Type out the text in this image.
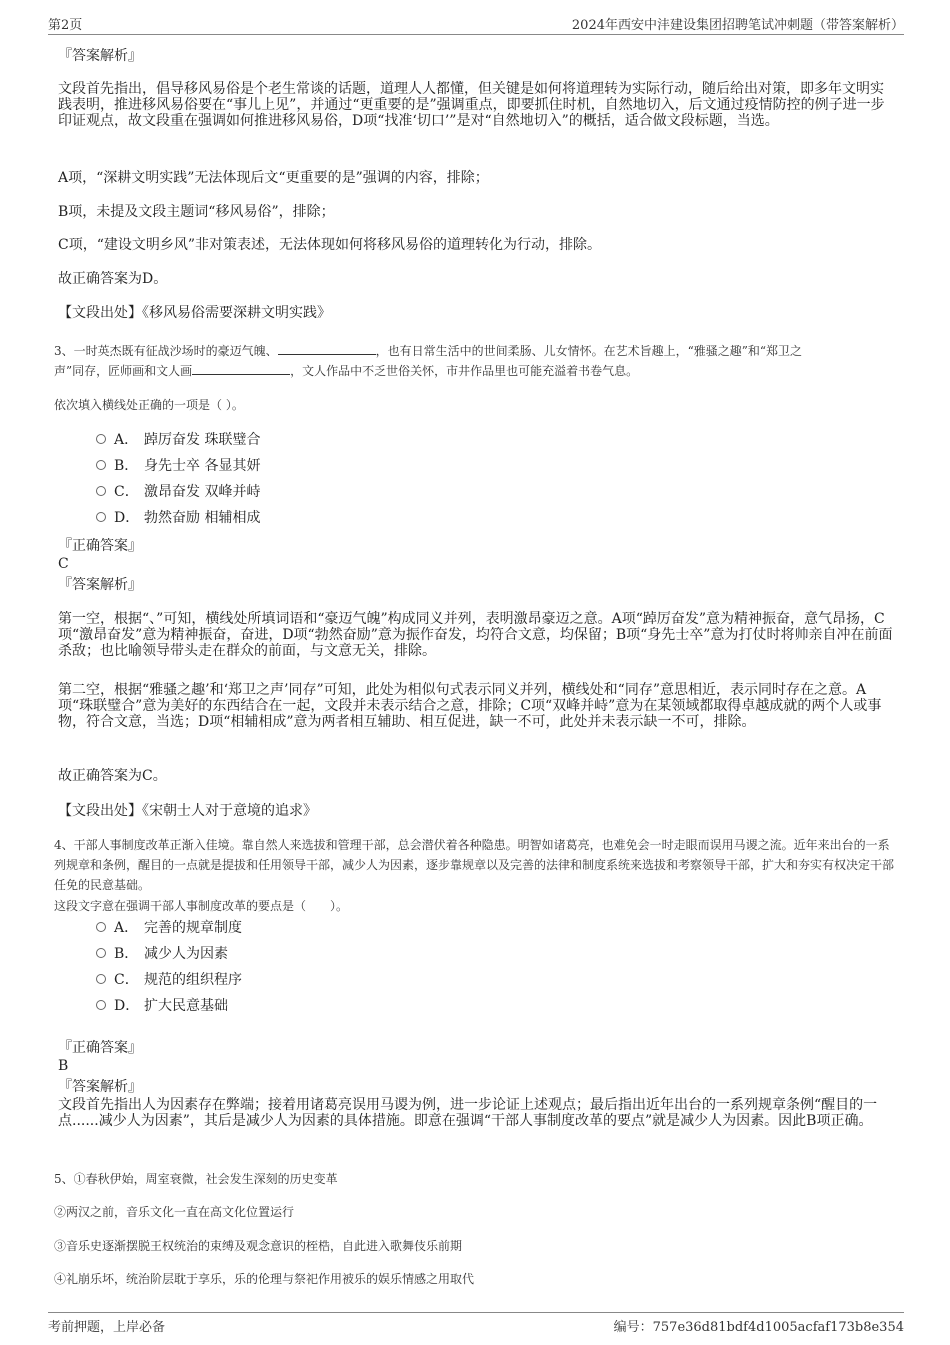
第2页	2024年西安中沣建设集团招聘笔试冲刺题（带答案解析）
『答案解析』

文段首先指出，倡导移风易俗是个老生常谈的话题，道理人人都懂，但关键是如何将道理转为实际行动，随后给出对策，即多年文明实践表明，推进移风易俗要在“事儿上见”，并通过“更重要的是”强调重点，即要抓住时机，自然地切入，后文通过疫情防控的例子进一步印证观点，故文段重在强调如何推进移风易俗，D项“找准‘切口’”是对“自然地切入”的概括，适合做文段标题，当选。

A项，“深耕文明实践”无法体现后文“更重要的是”强调的内容，排除；

B项，未提及文段主题词“移风易俗”，排除；

C项，“建设文明乡风”非对策表述，无法体现如何将移风易俗的道理转化为行动，排除。

故正确答案为D。

【文段出处】《移风易俗需要深耕文明实践》

3、一时英杰既有征战沙场时的豪迈气魄、	，也有日常生活中的世间柔肠、儿女情怀。在艺术旨趣上，“雅骚之趣”和“郑卫之
声”同存，匠师画和文人画	，文人作品中不乏世俗关怀，市井作品里也可能充溢着书卷气息。
依次填入横线处正确的一项是（ ）。
A． 踔厉奋发 珠联璧合
B． 身先士卒 各显其妍
C． 激昂奋发 双峰并峙
D． 勃然奋励 相辅相成
『正确答案』
C
『答案解析』

第一空，根据“、”可知，横线处所填词语和“豪迈气魄”构成同义并列，表明激昂豪迈之意。A项“踔厉奋发”意为精神振奋，意气昂扬，C项“激昂奋发”意为精神振奋，奋进，D项“勃然奋励”意为振作奋发，均符合文意，均保留；B项“身先士卒”意为打仗时将帅亲自冲在前面杀敌；也比喻领导带头走在群众的前面，与文意无关，排除。

第二空，根据“雅骚之趣’和‘郑卫之声’同存”可知，此处为相似句式表示同义并列，横线处和“同存”意思相近，表示同时存在之意。A项“珠联璧合”意为美好的东西结合在一起，文段并未表示结合之意，排除；C项“双峰并峙”意为在某领域都取得卓越成就的两个人或事物，符合文意，当选；D项“相辅相成”意为两者相互辅助、相互促进，缺一不可，此处并未表示缺一不可，排除。

故正确答案为C。

【文段出处】《宋朝士人对于意境的追求》

4、干部人事制度改革正渐入佳境。靠自然人来选拔和管理干部，总会潜伏着各种隐患。明智如诸葛亮，也难免会一时走眼而误用马谡之流。近年来出台的一系列规章和条例，醒目的一点就是提拔和任用领导干部，减少人为因素，逐步靠规章以及完善的法律和制度系统来选拔和考察领导干部，扩大和夯实有权决定干部任免的民意基础。
这段文字意在强调干部人事制度改革的要点是（　　）。
A． 完善的规章制度
B． 减少人为因素
C． 规范的组织程序
D． 扩大民意基础
『正确答案』
B
『答案解析』

文段首先指出人为因素存在弊端；接着用诸葛亮误用马谡为例，进一步论证上述观点；最后指出近年出台的一系列规章条例“醒目的一点......减少人为因素”，其后是减少人为因素的具体措施。即意在强调“干部人事制度改革的要点”就是减少人为因素。因此B项正确。

5、①春秋伊始，周室衰微，社会发生深刻的历史变革
②两汉之前，音乐文化一直在高文化位置运行
③音乐史逐渐摆脱王权统治的束缚及观念意识的桎梏，自此进入歌舞伎乐前期
④礼崩乐坏，统治阶层耽于享乐，乐的伦理与祭祀作用被乐的娱乐情感之用取代
考前押题，上岸必备	编号：757e36d81bdf4d1005acfaf173b8e354
